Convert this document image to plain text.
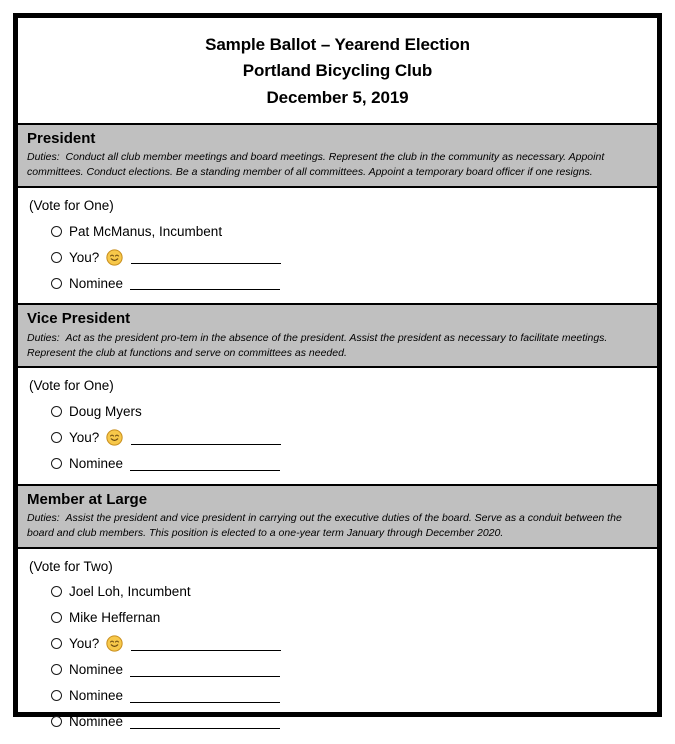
Sample Ballot – Yearend Election
Portland Bicycling Club
December 5, 2019
President
Duties: Conduct all club member meetings and board meetings. Represent the club in the community as necessary. Appoint committees. Conduct elections. Be a standing member of all committees. Appoint a temporary board officer if one resigns.
(Vote for One)
Pat McManus, Incumbent
You?
Nominee
Vice President
Duties: Act as the president pro-tem in the absence of the president. Assist the president as necessary to facilitate meetings. Represent the club at functions and serve on committees as needed.
(Vote for One)
Doug Myers
You?
Nominee
Member at Large
Duties: Assist the president and vice president in carrying out the executive duties of the board. Serve as a conduit between the board and club members. This position is elected to a one-year term January through December 2020.
(Vote for Two)
Joel Loh, Incumbent
Mike Heffernan
You?
Nominee
Nominee
Nominee
